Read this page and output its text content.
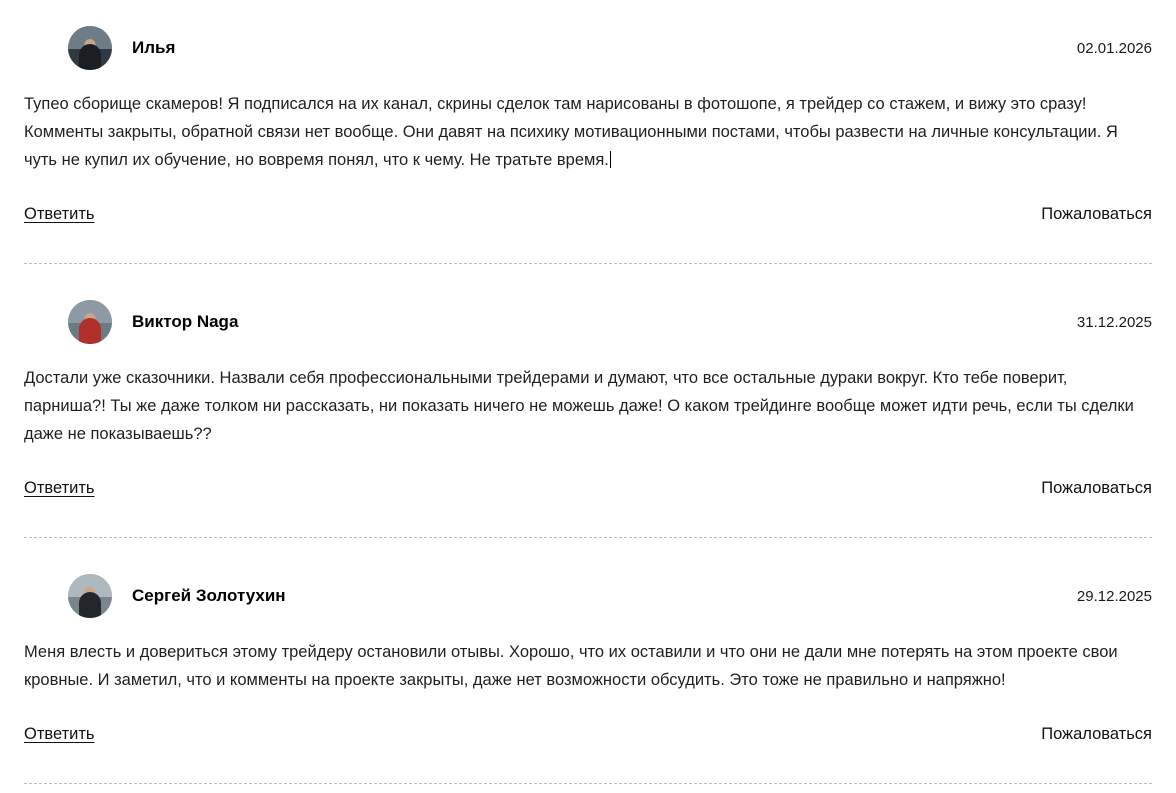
Илья	02.01.2026
Тупео сборище скамеров! Я подписался на их канал, скрины сделок там нарисованы в фотошопе, я трейдер со стажем, и вижу это сразу! Комменты закрыты, обратной связи нет вообще. Они давят на психику мотивационными постами, чтобы развести на личные консультации. Я чуть не купил их обучение, но вовремя понял, что к чему. Не тратьте время.
Ответить	Пожаловаться
Виктор Naga	31.12.2025
Достали уже сказочники. Назвали себя профессиональными трейдерами и думают, что все остальные дураки вокруг. Кто тебе поверит, парниша?! Ты же даже толком ни рассказать, ни показать ничего не можешь даже! О каком трейдинге вообще может идти речь, если ты сделки даже не показываешь??
Ответить	Пожаловаться
Сергей Золотухин	29.12.2025
Меня влесть и довериться этому трейдеру остановили отывы. Хорошо, что их оставили и что они не дали мне потерять на этом проекте свои кровные. И заметил, что и комменты на проекте закрыты, даже нет возможности обсудить. Это тоже не правильно и напряжно!
Ответить	Пожаловаться
